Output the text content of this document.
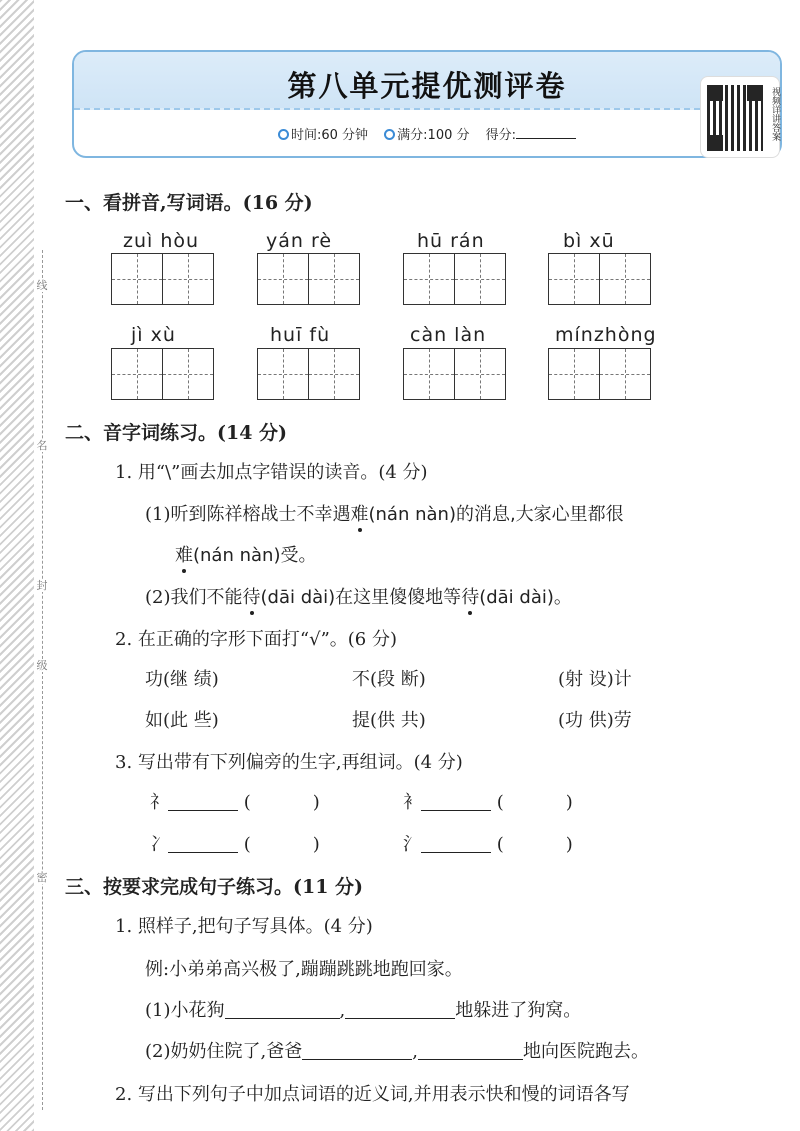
线
名
封
级
密
第八单元提优测评卷
时间:60 分钟 满分:100 分 得分:	视频详讲答案
一、看拼音,写词语。(16 分)
zuì hòu	yán rè	hū rán	bì xū
jì xù	huī fù	càn làn	mínzhòng
二、音字词练习。(14 分)
1. 用“\”画去加点字错误的读音。(4 分)
(1)听到陈祥榕战士不幸遇难(nán nàn)的消息,大家心里都很
难(nán nàn)受。
(2)我们不能待(dāi dài)在这里傻傻地等待(dāi dài)。
2. 在正确的字形下面打“√”。(6 分)
功(继 绩)	不(段 断)	(射 设)计
如(此 些)	提(供 共)	(功 供)劳
3. 写出带有下列偏旁的生字,再组词。(4 分)
礻	(	)	衤	(	)
冫	(	)	氵	(	)
三、按要求完成句子练习。(11 分)
1. 照样子,把句子写具体。(4 分)
例:小弟弟高兴极了,蹦蹦跳跳地跑回家。
(1)小花狗	,	地躲进了狗窝。
(2)奶奶住院了,爸爸	,	地向医院跑去。
2. 写出下列句子中加点词语的近义词,并用表示快和慢的词语各写
